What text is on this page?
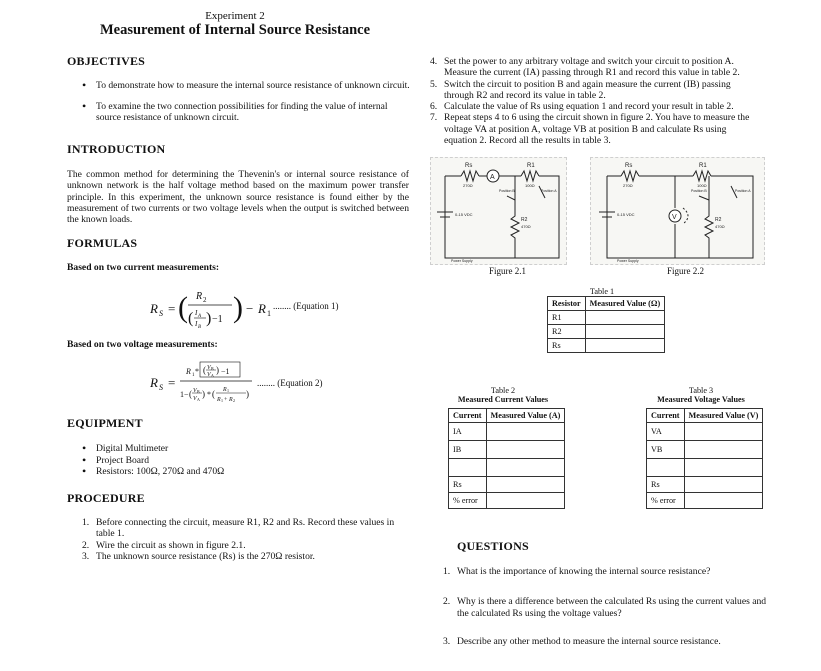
Experiment 2
Measurement of Internal Source Resistance
OBJECTIVES
• To demonstrate how to measure the internal source resistance of unknown circuit.
• To examine the two connection possibilities for finding the value of internal source resistance of unknown circuit.
INTRODUCTION
The common method for determining the Thevenin's or internal source resistance of unknown network is the half voltage method based on the maximum power transfer principle. In this experiment, the unknown source resistance is found either by the measurement of two currents or two voltage levels when the output is switched between the known loads.
FORMULAS
Based on two current measurements:
R S = ( R 2
( I A
I B
) −1 ) − R 1
........ (Equation 1)
Based on two voltage measurements:
R S =
R 1 * ( V B
V A
) −1
1− ( V B
V A
) * ( R 1
R 1 + R 2
)
........ (Equation 2)
EQUIPMENT
• Digital Multimeter
• Project Board
• Resistors: 100Ω, 270Ω and 470Ω
PROCEDURE
1. Before connecting the circuit, measure R1, R2 and Rs. Record these values in table 1.
2. Wire the circuit as shown in figure 2.1.
3. The unknown source resistance (Rs) is the 270Ω resistor.
4. Set the power to any arbitrary voltage and switch your circuit to position A. Measure the current (IA) passing through R1 and record this value in table 2.
5. Switch the circuit to position B and again measure the current (IB) passing through R2 and record its value in table 2.
6. Calculate the value of Rs using equation 1 and record your result in table 2.
7. Repeat steps 4 to 6 using the circuit shown in figure 2. You have to measure the voltage VA at position A, voltage VB at position B and calculate Rs using equation 2. Record all the results in table 3.
A
Rs
270Ω
R1
100Ω
R2
470Ω
0-15 VDC
Position B	Position A
Power Supply
Figure 2.1
V
Rs
270Ω
R1
100Ω
R2
470Ω
0-15 VDC
Position B	Position A
Power Supply
Figure 2.2
Table 1
Resistor	Measured Value (Ω)
R1	
R2	
Rs	
Table 2
Measured Current Values
Current	Measured Value (A)
IA	
IB	

Rs	
% error	
Table 3
Measured Voltage Values
Current	Measured Value (V)
VA	
VB	

Rs	
% error	
QUESTIONS
1. What is the importance of knowing the internal source resistance?
2. Why is there a difference between the calculated Rs using the current values and the calculated Rs using the voltage values?
3. Describe any other method to measure the internal source resistance.
